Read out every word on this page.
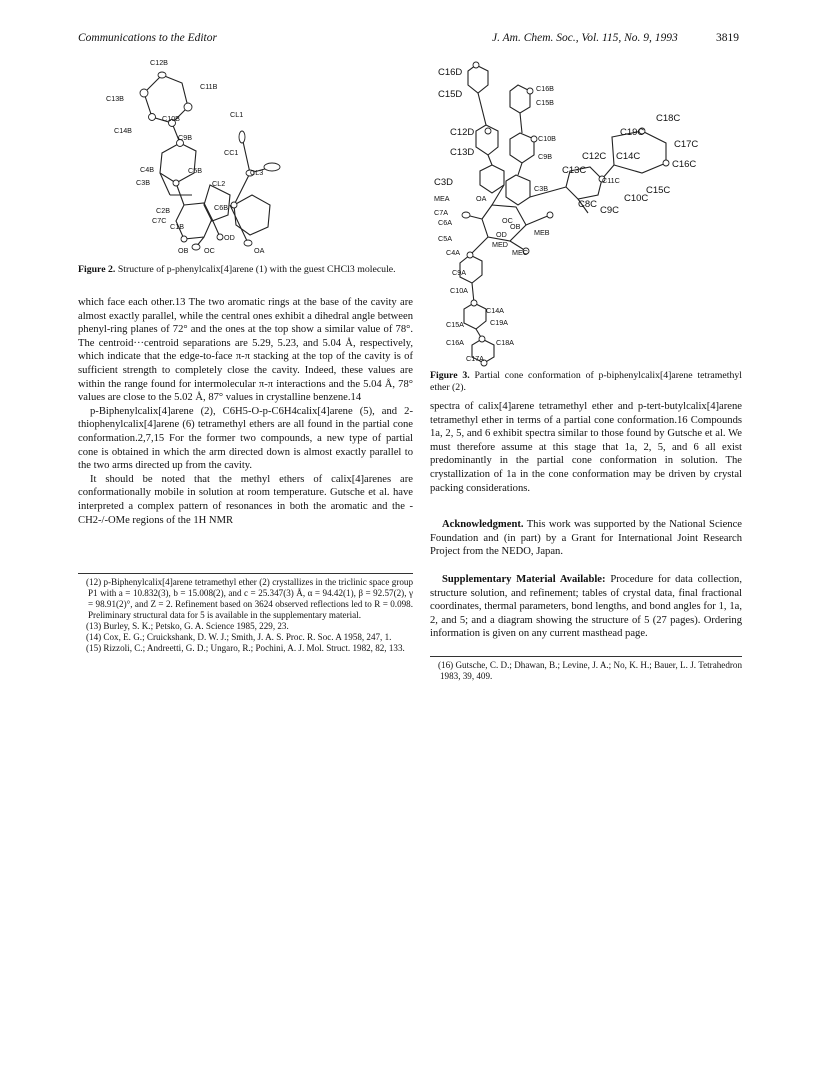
Communications to the Editor	J. Am. Chem. Soc., Vol. 115, No. 9, 1993	3819
C12B
C11B
C13B
C10B
C14B
C9B
CL1
CC1
C5B	CL3
C4B
C3B	CL2
C6B
C2B
C7C
C1B
OD
OB OC	OA
Figure 2. Structure of p-phenylcalix[4]arene (1) with the guest CHCl3 molecule.

which face each other.13 The two aromatic rings at the base of the cavity are almost exactly parallel, while the central ones exhibit a dihedral angle between phenyl-ring planes of 72° and the ones at the top show a similar value of 78°. The centroid···centroid separations are 5.29, 5.23, and 5.04 Å, respectively, which indicate that the edge-to-face π-π stacking at the top of the cavity is of sufficient strength to completely close the cavity. Indeed, these values are within the range found for intermolecular π-π interactions and the 5.04 Å, 78° values are close to the 5.02 Å, 87° values in crystalline benzene.14

p-Biphenylcalix[4]arene (2), C6H5-O-p-C6H4calix[4]arene (5), and 2-thiophenylcalix[4]arene (6) tetramethyl ethers are all found in the partial cone conformation.2,7,15 For the former two compounds, a new type of partial cone is obtained in which the arm directed down is almost exactly parallel to the two arms directed up from the cavity.

It should be noted that the methyl ethers of calix[4]arenes are conformationally mobile in solution at room temperature. Gutsche et al. have interpreted a complex pattern of resonances in both the aromatic and the -CH2-/-OMe regions of the 1H NMR

(12) p-Biphenylcalix[4]arene tetramethyl ether (2) crystallizes in the triclinic space group P1 with a = 10.832(3), b = 15.008(2), and c = 25.347(3) Å, α = 94.42(1), β = 92.57(2), γ = 98.91(2)°, and Z = 2. Refinement based on 3624 observed reflections led to R = 0.098. Preliminary structural data for 5 is available in the supplementary material.

(13) Burley, S. K.; Petsko, G. A. Science 1985, 229, 23.

(14) Cox, E. G.; Cruickshank, D. W. J.; Smith, J. A. S. Proc. R. Soc. A 1958, 247, 1.

(15) Rizzoli, C.; Andreetti, G. D.; Ungaro, R.; Pochini, A. J. Mol. Struct. 1982, 82, 133.

C16D
C15D
C16B
C15B
C18C
C12D
C10B
C19C
C17C
C13D	C9B	C12C C14C
C16C
C13C
C11C
C3D
C3B	C15C
MEA	OA
C8C
C10C
C9C
C7A
C6A	OC
OB
MEB
OD
C5A
MED
MEC
C4A
C9A
C10A
C14A
C15A	C19A
C16A	C18A
C17A
Figure 3. Partial cone conformation of p-biphenylcalix[4]arene tetramethyl ether (2).

spectra of calix[4]arene tetramethyl ether and p-tert-butylcalix[4]arene tetramethyl ether in terms of a partial cone conformation.16 Compounds 1a, 2, 5, and 6 exhibit spectra similar to those found by Gutsche et al. We must therefore assume at this stage that 1a, 2, 5, and 6 all exist predominantly in the partial cone conformation in solution. The crystallization of 1a in the cone conformation may be driven by crystal packing considerations.

Acknowledgment. This work was supported by the National Science Foundation and (in part) by a Grant for International Joint Research Project from the NEDO, Japan.

Supplementary Material Available: Procedure for data collection, structure solution, and refinement; tables of crystal data, final fractional coordinates, thermal parameters, bond lengths, and bond angles for 1, 1a, 2, and 5; and a diagram showing the structure of 5 (27 pages). Ordering information is given on any current masthead page.

(16) Gutsche, C. D.; Dhawan, B.; Levine, J. A.; No, K. H.; Bauer, L. J. Tetrahedron 1983, 39, 409.
